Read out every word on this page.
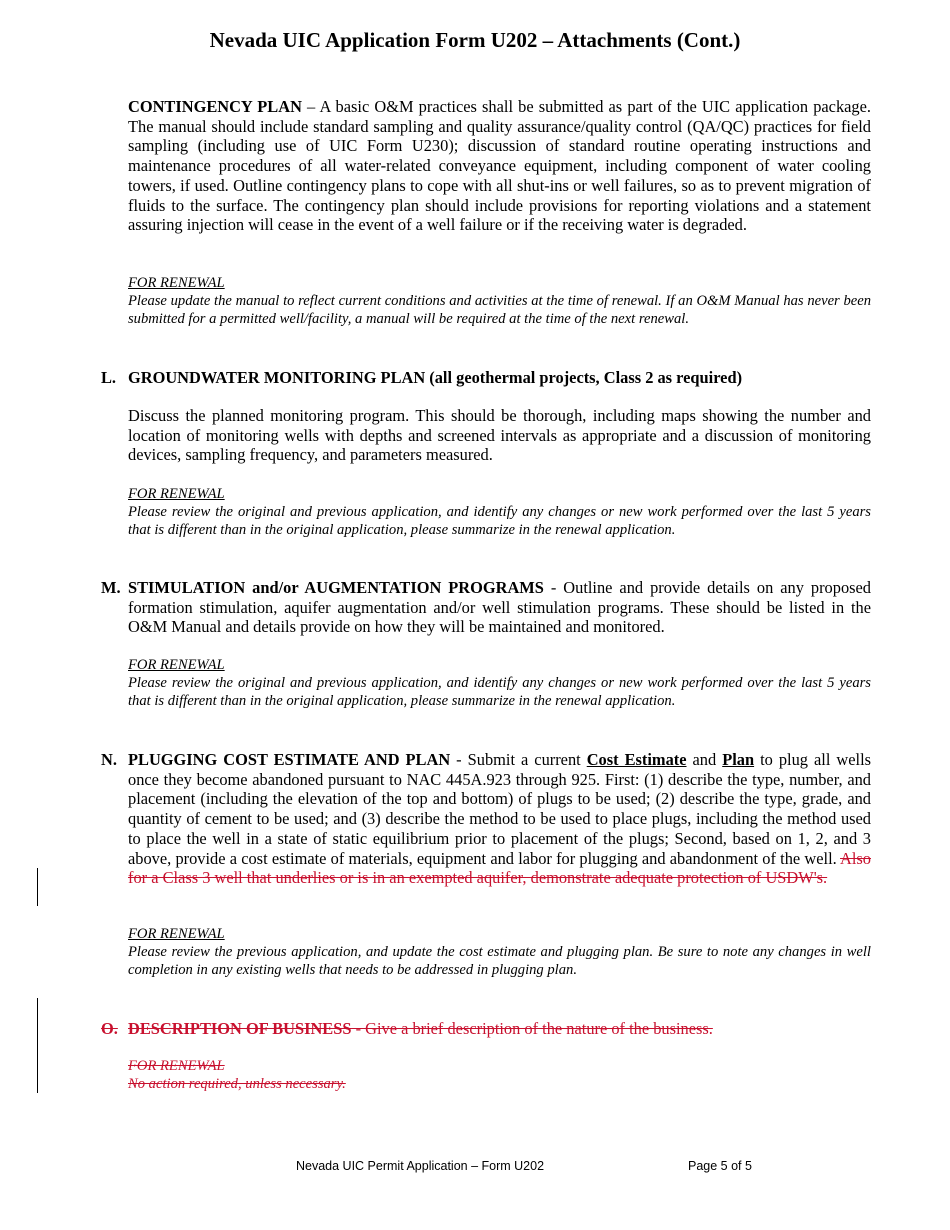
Nevada UIC Application Form U202 – Attachments (Cont.)

CONTINGENCY PLAN – A basic O&M practices shall be submitted as part of the UIC application package. The manual should include standard sampling and quality assurance/quality control (QA/QC) practices for field sampling (including use of UIC Form U230); discussion of standard routine operating instructions and maintenance procedures of all water-related conveyance equipment, including component of water cooling towers, if used. Outline contingency plans to cope with all shut-ins or well failures, so as to prevent migration of fluids to the surface. The contingency plan should include provisions for reporting violations and a statement assuring injection will cease in the event of a well failure or if the receiving water is degraded.

FOR RENEWAL
Please update the manual to reflect current conditions and activities at the time of renewal. If an O&M Manual has never been submitted for a permitted well/facility, a manual will be required at the time of the next renewal.
L. GROUNDWATER MONITORING PLAN (all geothermal projects, Class 2 as required)

Discuss the planned monitoring program. This should be thorough, including maps showing the number and location of monitoring wells with depths and screened intervals as appropriate and a discussion of monitoring devices, sampling frequency, and parameters measured.

FOR RENEWAL
Please review the original and previous application, and identify any changes or new work performed over the last 5 years that is different than in the original application, please summarize in the renewal application.
M. STIMULATION and/or AUGMENTATION PROGRAMS - Outline and provide details on any proposed formation stimulation, aquifer augmentation and/or well stimulation programs. These should be listed in the O&M Manual and details provide on how they will be maintained and monitored.

FOR RENEWAL
Please review the original and previous application, and identify any changes or new work performed over the last 5 years that is different than in the original application, please summarize in the renewal application.
N. PLUGGING COST ESTIMATE AND PLAN - Submit a current Cost Estimate and Plan to plug all wells once they become abandoned pursuant to NAC 445A.923 through 925. First: (1) describe the type, number, and placement (including the elevation of the top and bottom) of plugs to be used; (2) describe the type, grade, and quantity of cement to be used; and (3) describe the method to be used to place plugs, including the method used to place the well in a state of static equilibrium prior to placement of the plugs; Second, based on 1, 2, and 3 above, provide a cost estimate of materials, equipment and labor for plugging and abandonment of the well. Also for a Class 3 well that underlies or is in an exempted aquifer, demonstrate adequate protection of USDW's.

FOR RENEWAL
Please review the previous application, and update the cost estimate and plugging plan. Be sure to note any changes in well completion in any existing wells that needs to be addressed in plugging plan.
O. DESCRIPTION OF BUSINESS - Give a brief description of the nature of the business.

FOR RENEWAL
No action required, unless necessary.
Nevada UIC Permit Application – Form U202	Page 5 of 5
